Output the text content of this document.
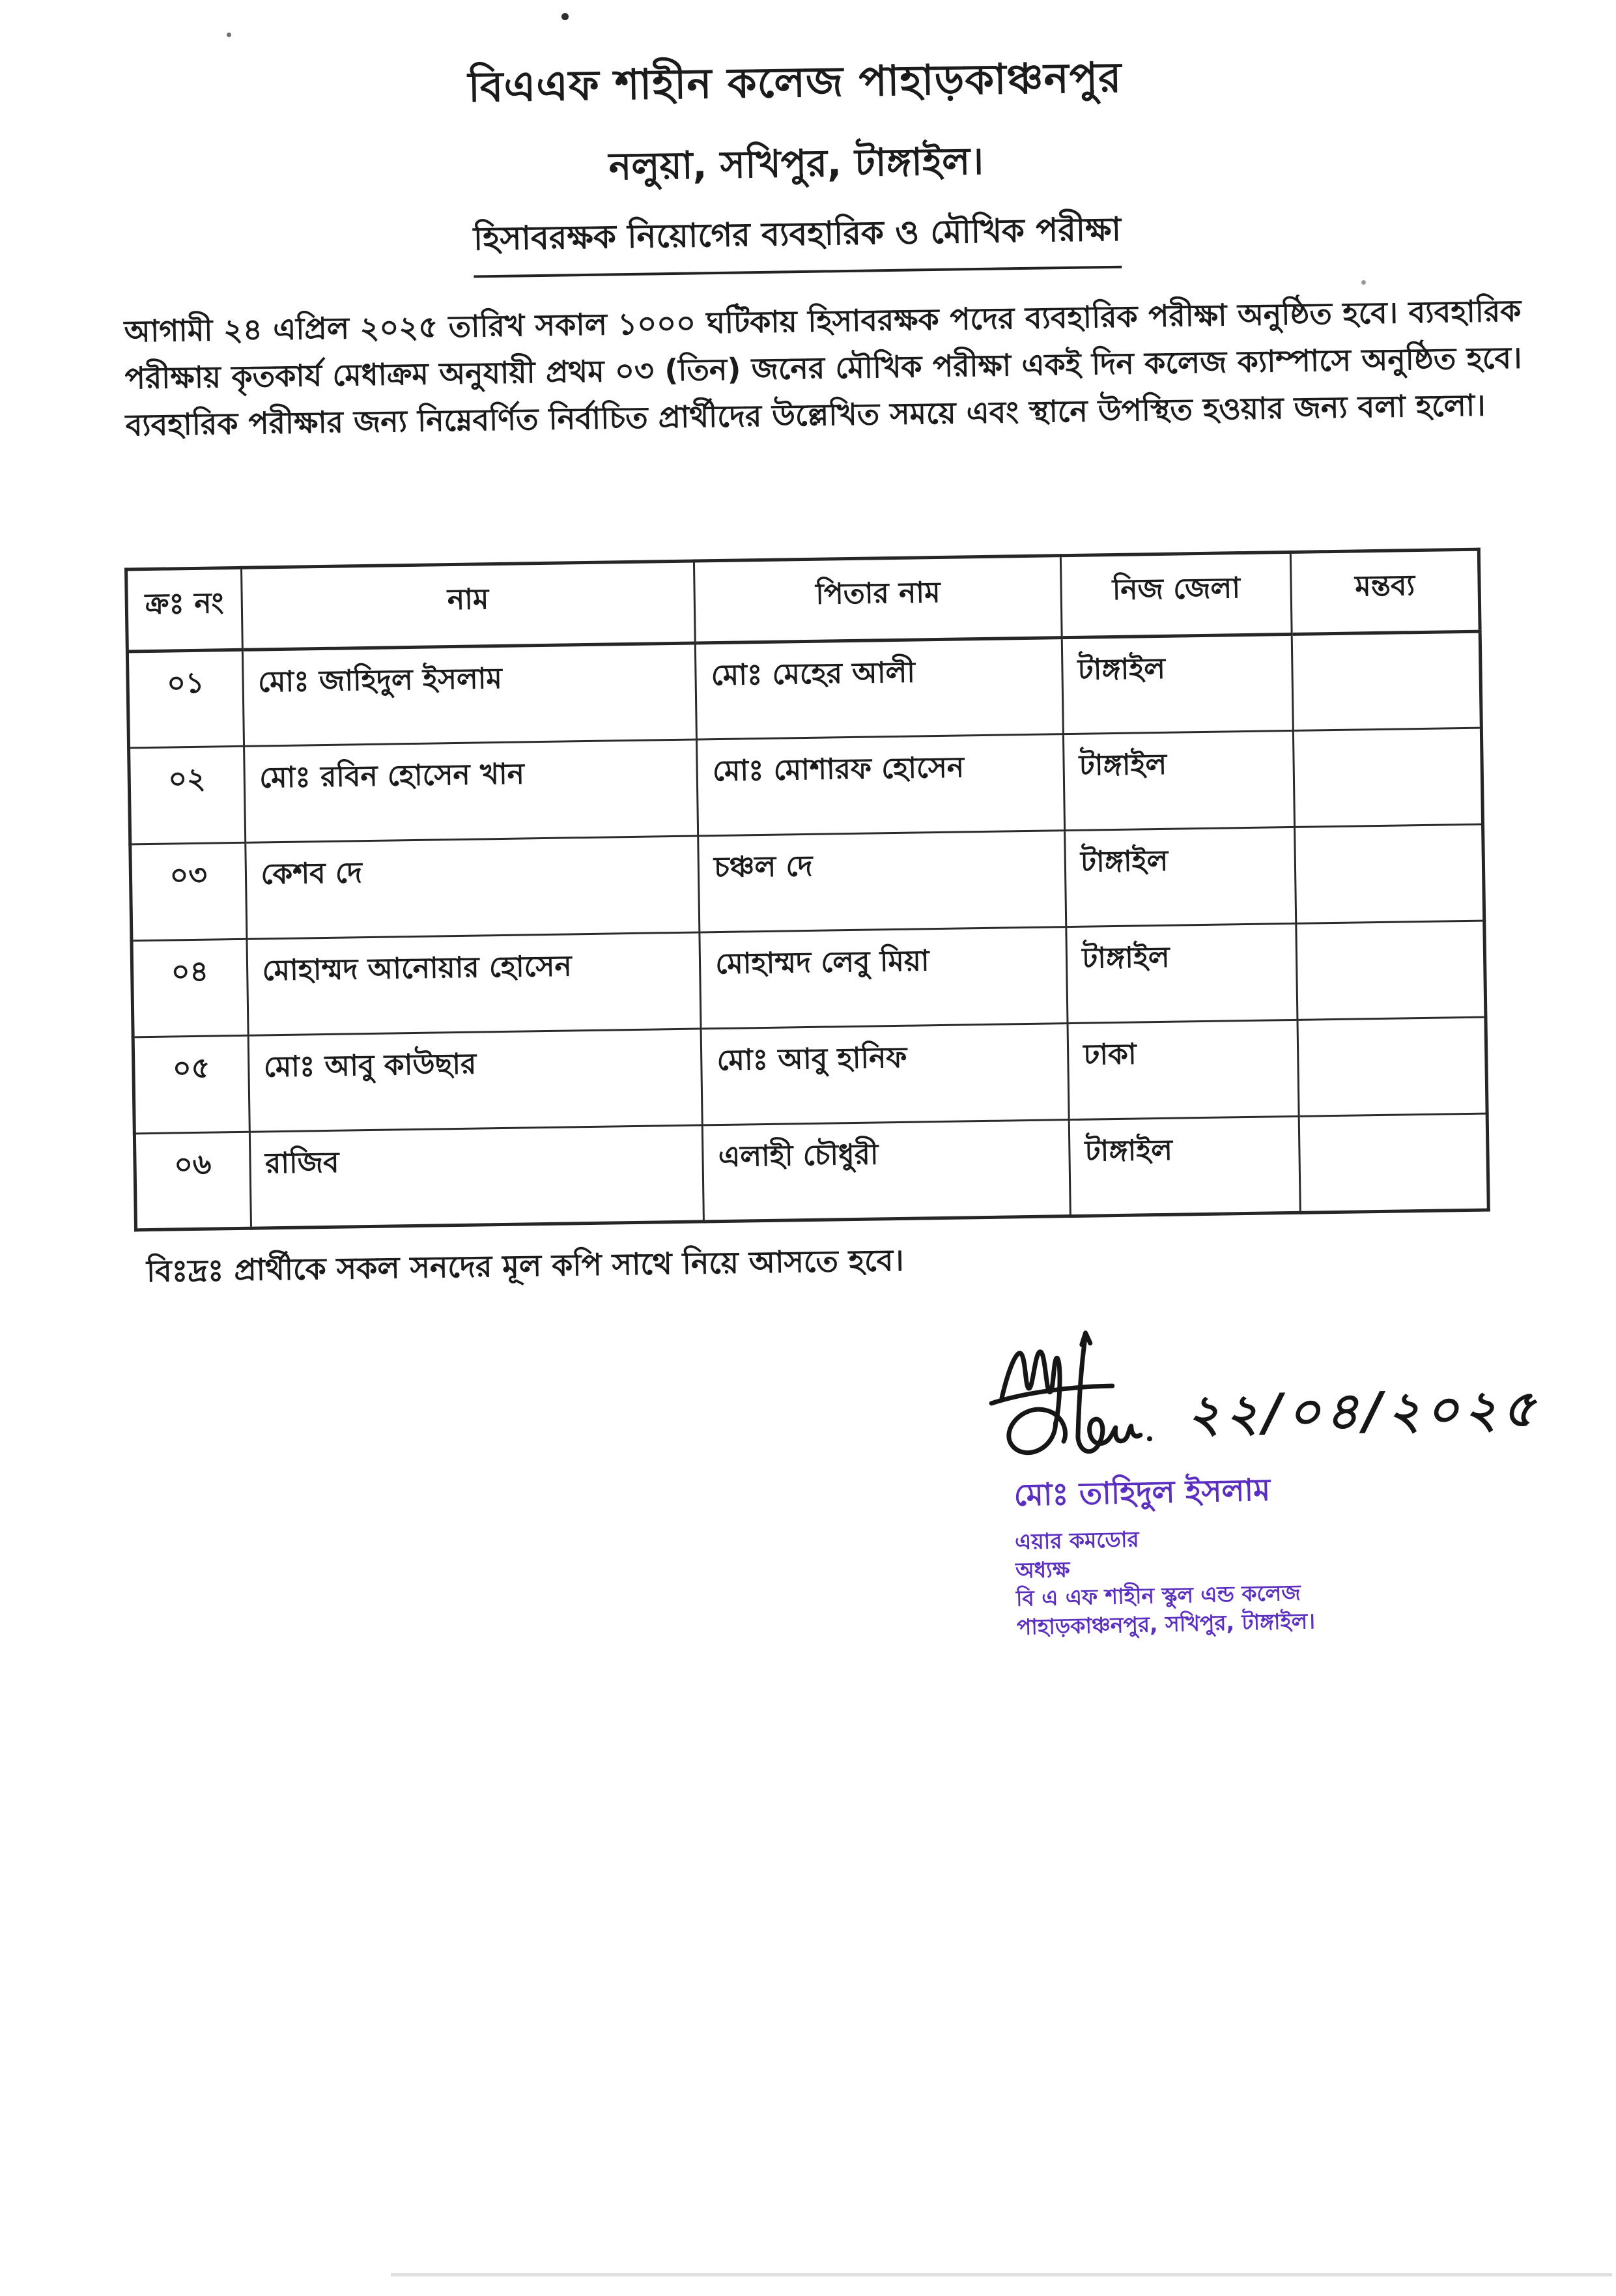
বিএএফ শাহীন কলেজ পাহাড়কাঞ্চনপুর
নলুয়া, সখিপুর, টাঙ্গাইল।
হিসাবরক্ষক নিয়োগের ব্যবহারিক ও মৌখিক পরীক্ষা

আগামী ২৪ এপ্রিল ২০২৫ তারিখ সকাল ১০০০ ঘটিকায় হিসাবরক্ষক পদের ব্যবহারিক পরীক্ষা অনুষ্ঠিত হবে। ব্যবহারিক পরীক্ষায় কৃতকার্য মেধাক্রম অনুযায়ী প্রথম ০৩ (তিন) জনের মৌখিক পরীক্ষা একই দিন কলেজ ক্যাম্পাসে অনুষ্ঠিত হবে। ব্যবহারিক পরীক্ষার জন্য নিম্নেবর্ণিত নির্বাচিত প্রার্থীদের উল্লেখিত সময়ে এবং স্থানে উপস্থিত হওয়ার জন্য বলা হলো।

ক্রঃ নং	নাম	পিতার নাম	নিজ জেলা	মন্তব্য
০১	মোঃ জাহিদুল ইসলাম	মোঃ মেহের আলী	টাঙ্গাইল	
০২	মোঃ রবিন হোসেন খান	মোঃ মোশারফ হোসেন	টাঙ্গাইল	
০৩	কেশব দে	চঞ্চল দে	টাঙ্গাইল	
০৪	মোহাম্মদ আনোয়ার হোসেন	মোহাম্মদ লেবু মিয়া	টাঙ্গাইল	
০৫	মোঃ আবু কাউছার	মোঃ আবু হানিফ	ঢাকা	
০৬	রাজিব	এলাহী চৌধুরী	টাঙ্গাইল	

বিঃদ্রঃ প্রার্থীকে সকল সনদের মূল কপি সাথে নিয়ে আসতে হবে।

২২/০৪/২০২৫
মোঃ তাহিদুল ইসলাম
এয়ার কমডোর
অধ্যক্ষ
বি এ এফ শাহীন স্কুল এন্ড কলেজ
পাহাড়কাঞ্চনপুর, সখিপুর, টাঙ্গাইল।
